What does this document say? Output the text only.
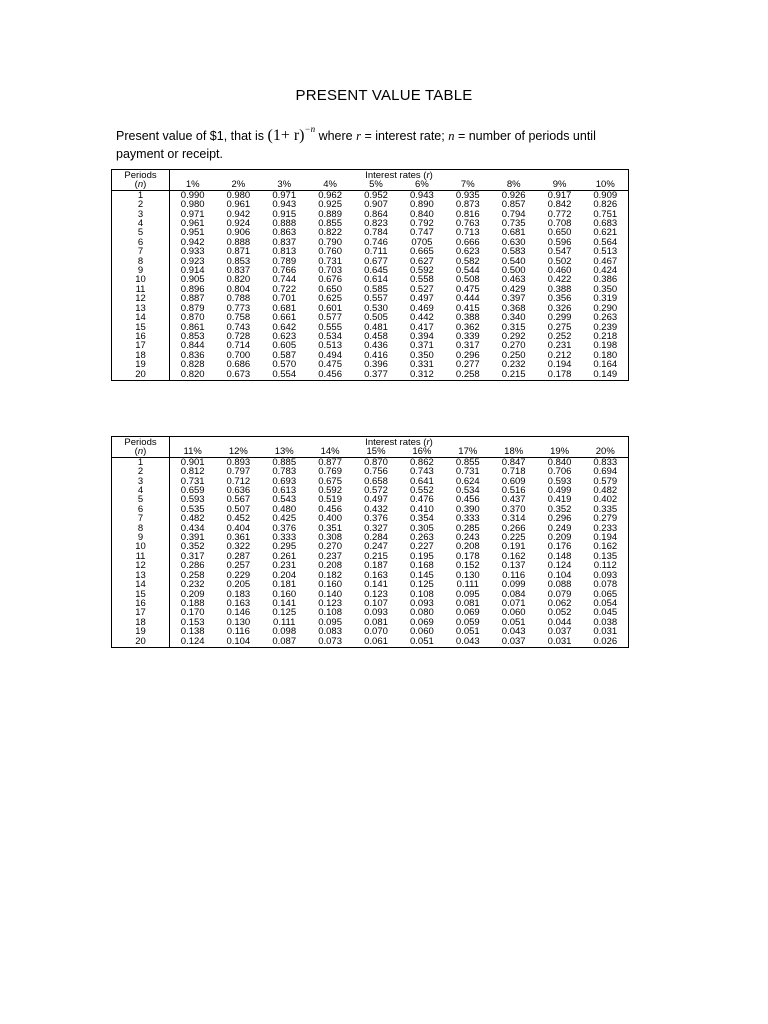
PRESENT VALUE TABLE
Present value of $1, that is $(1+ r)^{-n}$ where r = interest rate; n = number of periods until
payment or receipt.
Periods	Interest rates (r)									
(n)	1%	2%	3%	4%	5%	6%	7%	8%	9%	10%
1	0.990	0.980	0.971	0.962	0.952	0.943	0.935	0.926	0.917	0.909
2	0.980	0.961	0.943	0.925	0.907	0.890	0.873	0.857	0.842	0.826
3	0.971	0.942	0.915	0.889	0.864	0.840	0.816	0.794	0.772	0.751
4	0.961	0.924	0.888	0.855	0.823	0.792	0.763	0.735	0.708	0.683
5	0.951	0.906	0.863	0.822	0.784	0.747	0.713	0.681	0.650	0.621
6	0.942	0.888	0.837	0.790	0.746	0705	0.666	0.630	0.596	0.564
7	0.933	0.871	0.813	0.760	0.711	0.665	0.623	0.583	0.547	0.513
8	0.923	0.853	0.789	0.731	0.677	0.627	0.582	0.540	0.502	0.467
9	0.914	0.837	0.766	0.703	0.645	0.592	0.544	0.500	0.460	0.424
10	0.905	0.820	0.744	0.676	0.614	0.558	0.508	0.463	0.422	0.386
11	0.896	0.804	0.722	0.650	0.585	0.527	0.475	0.429	0.388	0.350
12	0.887	0.788	0.701	0.625	0.557	0.497	0.444	0.397	0.356	0.319
13	0.879	0.773	0.681	0.601	0.530	0.469	0.415	0.368	0.326	0.290
14	0.870	0.758	0.661	0.577	0.505	0.442	0.388	0.340	0.299	0.263
15	0.861	0.743	0.642	0.555	0.481	0.417	0.362	0.315	0.275	0.239
16	0.853	0.728	0.623	0.534	0.458	0.394	0.339	0.292	0.252	0.218
17	0.844	0.714	0.605	0.513	0.436	0.371	0.317	0.270	0.231	0.198
18	0.836	0.700	0.587	0.494	0.416	0.350	0.296	0.250	0.212	0.180
19	0.828	0.686	0.570	0.475	0.396	0.331	0.277	0.232	0.194	0.164
20	0.820	0.673	0.554	0.456	0.377	0.312	0.258	0.215	0.178	0.149
Periods	Interest rates (r)									
(n)	11%	12%	13%	14%	15%	16%	17%	18%	19%	20%
1	0.901	0.893	0.885	0.877	0.870	0.862	0.855	0.847	0.840	0.833
2	0.812	0.797	0.783	0.769	0.756	0.743	0.731	0.718	0.706	0.694
3	0.731	0.712	0.693	0.675	0.658	0.641	0.624	0.609	0.593	0.579
4	0.659	0.636	0.613	0.592	0.572	0.552	0.534	0.516	0.499	0.482
5	0.593	0.567	0.543	0.519	0.497	0.476	0.456	0.437	0.419	0.402
6	0.535	0.507	0.480	0.456	0.432	0.410	0.390	0.370	0.352	0.335
7	0.482	0.452	0.425	0.400	0.376	0.354	0.333	0.314	0.296	0.279
8	0.434	0.404	0.376	0.351	0.327	0.305	0.285	0.266	0.249	0.233
9	0.391	0.361	0.333	0.308	0.284	0.263	0.243	0.225	0.209	0.194
10	0.352	0.322	0.295	0.270	0.247	0.227	0.208	0.191	0.176	0.162
11	0.317	0.287	0.261	0.237	0.215	0.195	0.178	0.162	0.148	0.135
12	0.286	0.257	0.231	0.208	0.187	0.168	0.152	0.137	0.124	0.112
13	0.258	0.229	0.204	0.182	0.163	0.145	0.130	0.116	0.104	0.093
14	0.232	0.205	0.181	0.160	0.141	0.125	0.111	0.099	0.088	0.078
15	0.209	0.183	0.160	0.140	0.123	0.108	0.095	0.084	0.079	0.065
16	0.188	0.163	0.141	0.123	0.107	0.093	0.081	0.071	0.062	0.054
17	0.170	0.146	0.125	0.108	0.093	0.080	0.069	0.060	0.052	0.045
18	0.153	0.130	0.111	0.095	0.081	0.069	0.059	0.051	0.044	0.038
19	0.138	0.116	0.098	0.083	0.070	0.060	0.051	0.043	0.037	0.031
20	0.124	0.104	0.087	0.073	0.061	0.051	0.043	0.037	0.031	0.026
